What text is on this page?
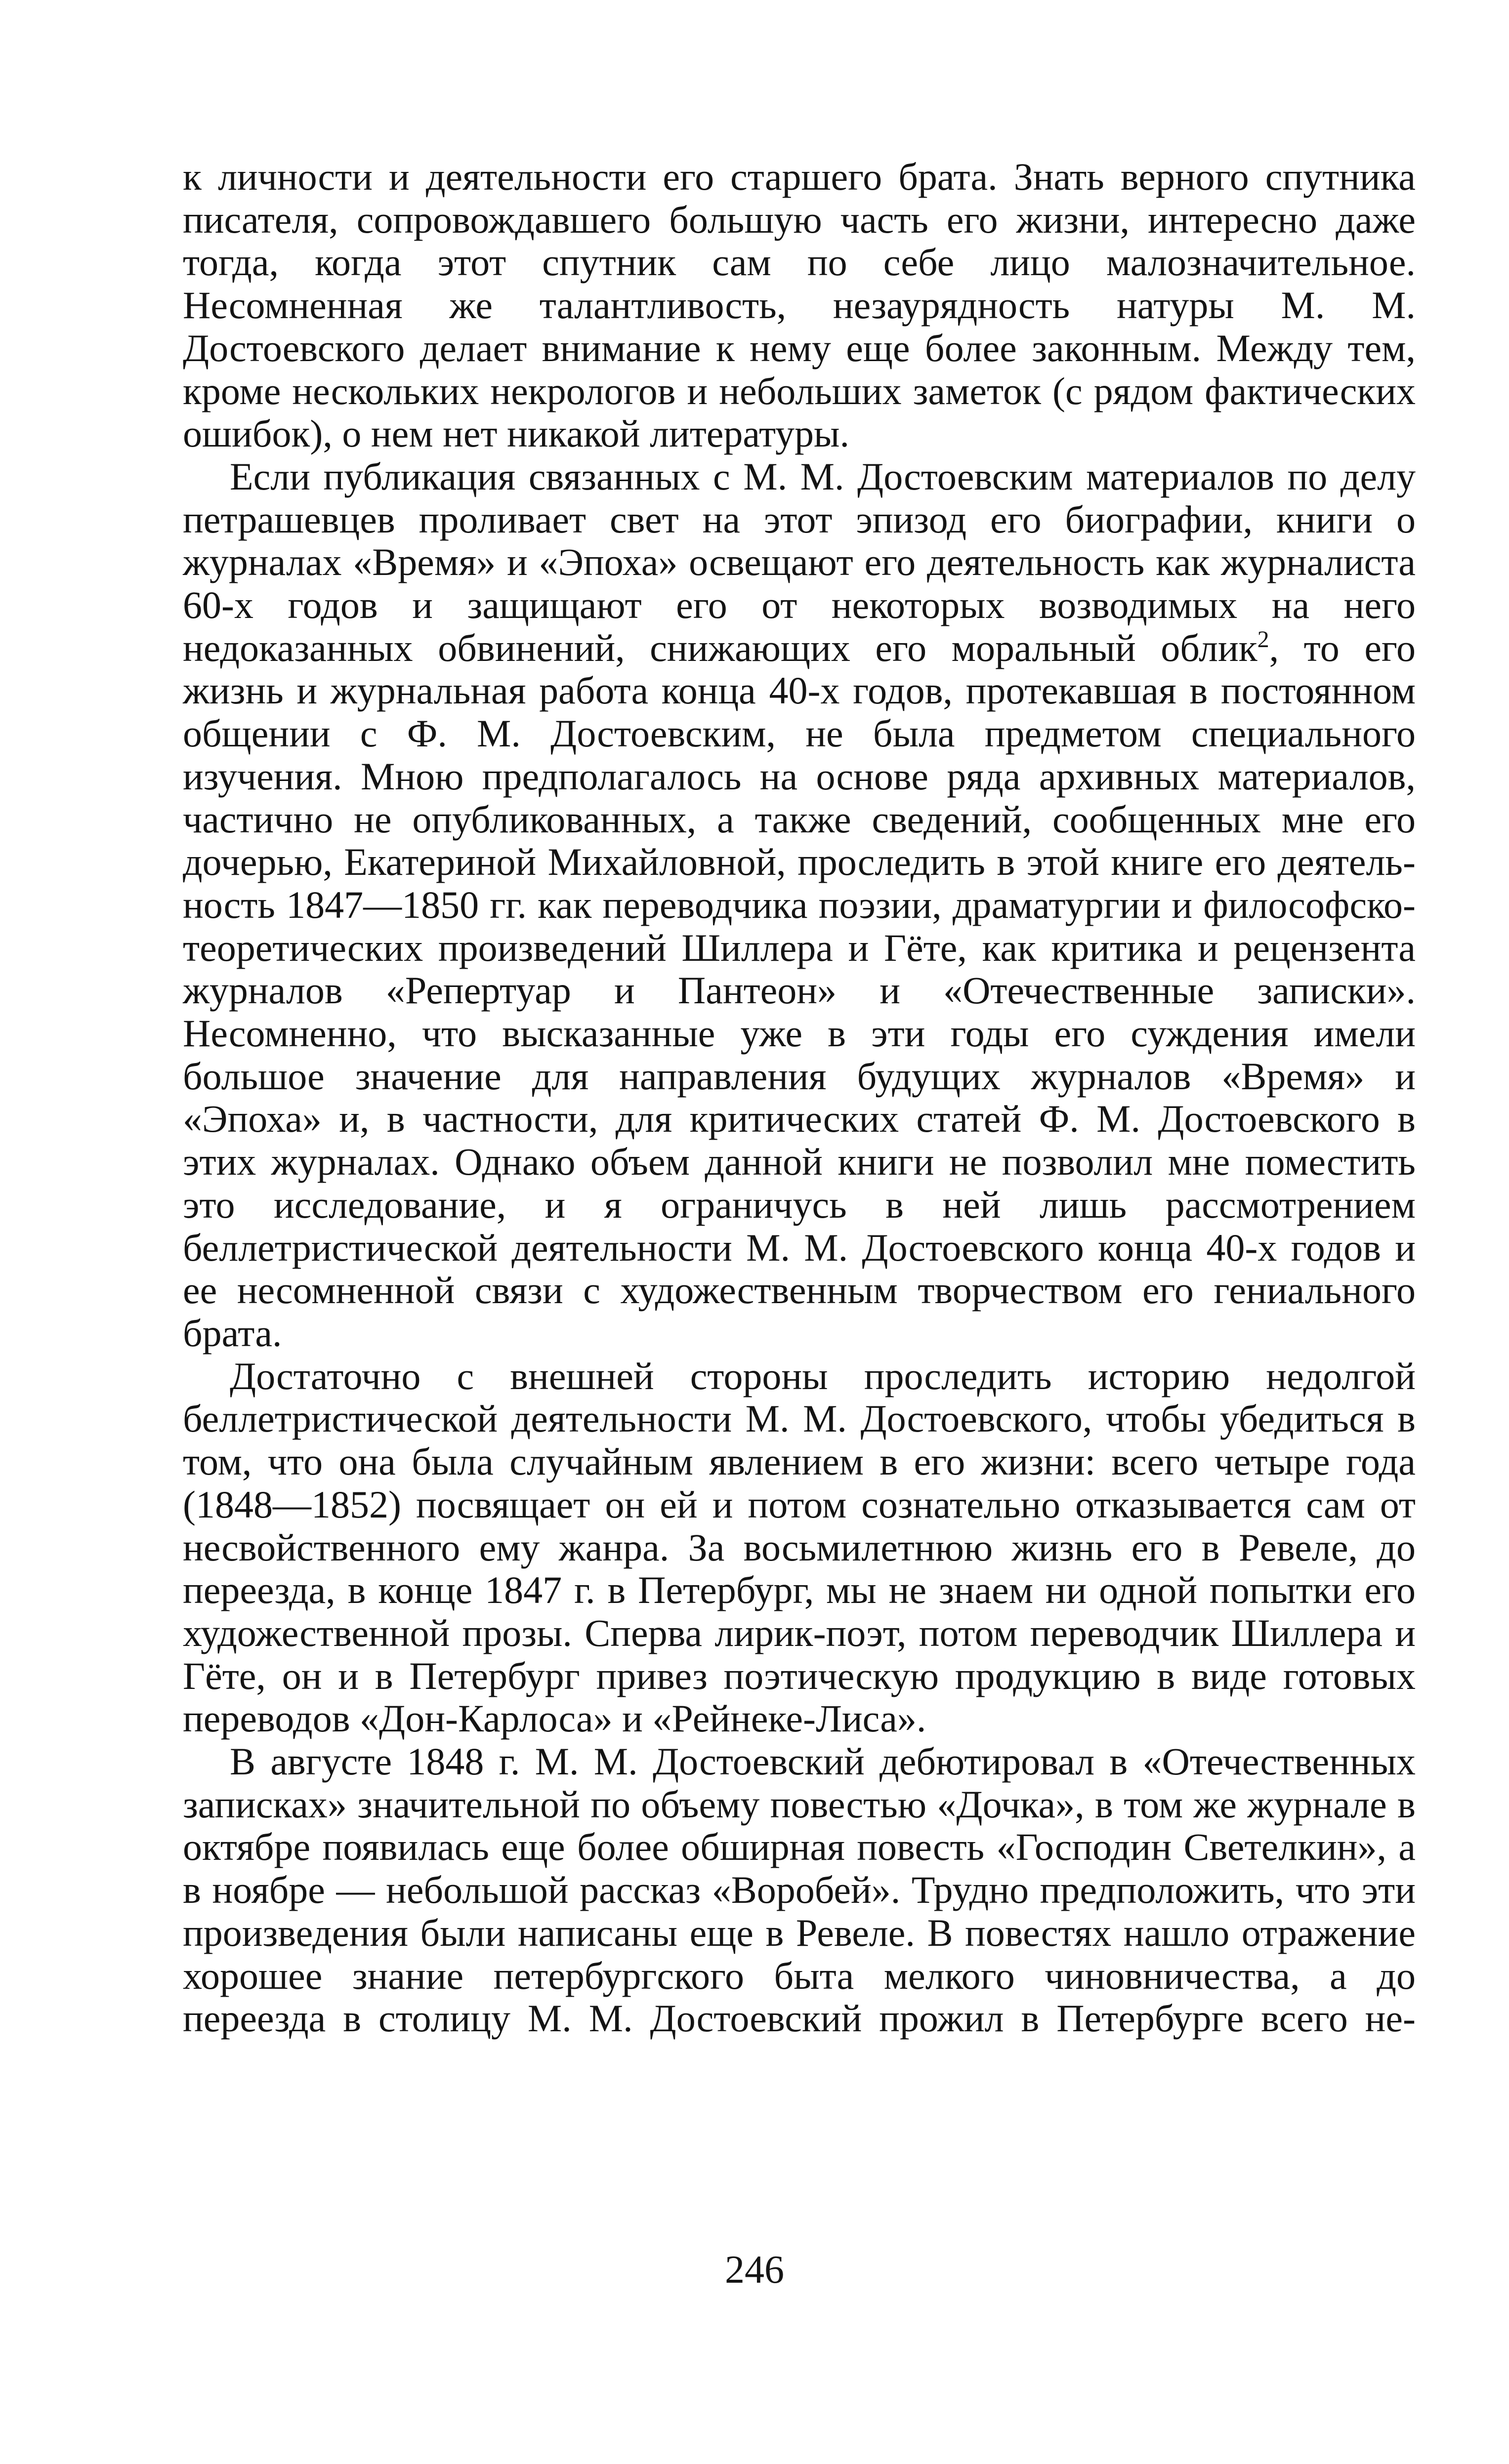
к личности и деятельности его старшего брата. Знать верного спутника писателя, сопровождавшего большую часть его жизни, интересно даже тогда, когда этот спутник сам по себе лицо малозначительное. Несомненная же талантливость, незаурядность натуры М. М. Достоевского делает внимание к нему еще более законным. Между тем, кроме нескольких некрологов и небольших заметок (с рядом фактических ошибок), о нем нет никакой литературы.

Если публикация связанных с М. М. Достоевским материалов по делу петрашевцев проливает свет на этот эпизод его биографии, книги о журналах «Время» и «Эпоха» освещают его деятельность как журналиста 60-х годов и защищают его от некоторых возводимых на него недоказанных обвинений, снижающих его моральный облик$^2$, то его жизнь и журнальная работа конца 40-х годов, протекавшая в постоянном общении с Ф. М. Достоевским, не была предметом специального изучения. Мною предполагалось на основе ряда архивных материалов, частично не опубликованных, а также сведений, сообщенных мне его дочерью, Екатериной Михайловной, проследить в этой книге его деятельность 1847—1850 гг. как переводчика поэзии, драматургии и философско-теоретических произведений Шиллера и Гёте, как критика и рецензента журналов «Репертуар и Пантеон» и «Отечественные записки». Несомненно, что высказанные уже в эти годы его суждения имели большое значение для направления будущих журналов «Время» и «Эпоха» и, в частности, для критических статей Ф. М. Достоевского в этих журналах. Однако объем данной книги не позволил мне поместить это исследование, и я ограничусь в ней лишь рассмотрением беллетристической деятельности М. М. Достоевского конца 40-х годов и ее несомненной связи с художественным творчеством его гениального брата.

Достаточно с внешней стороны проследить историю недолгой беллетристической деятельности М. М. Достоевского, чтобы убедиться в том, что она была случайным явлением в его жизни: всего четыре года (1848—1852) посвящает он ей и потом сознательно отказывается сам от несвойственного ему жанра. За восьмилетнюю жизнь его в Ревеле, до переезда, в конце 1847 г. в Петербург, мы не знаем ни одной попытки его художественной прозы. Сперва лирик-поэт, потом переводчик Шиллера и Гёте, он и в Петербург привез поэтическую продукцию в виде готовых переводов «Дон-Карлоса» и «Рейнеке-Лиса».

В августе 1848 г. М. М. Достоевский дебютировал в «Отечественных записках» значительной по объему повестью «Дочка», в том же журнале в октябре появилась еще более обширная повесть «Господин Светелкин», а в ноябре — небольшой рассказ «Воробей». Трудно предположить, что эти произведения были написаны еще в Ревеле. В повестях нашло отражение хорошее знание петербургского быта мелкого чиновничества, а до переезда в столицу М. М. Достоевский прожил в Петербурге всего не-

246
